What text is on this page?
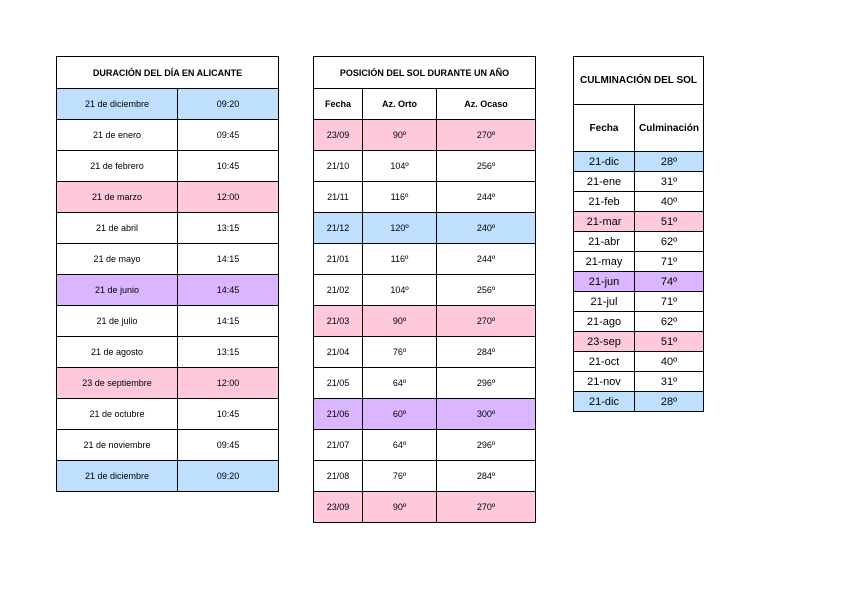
DURACIÓN DEL DÍA EN ALICANTE	
21 de diciembre	09:20
21 de enero	09:45
21 de febrero	10:45
21 de marzo	12:00
21 de abril	13:15
21 de mayo	14:15
21 de junio	14:45
21 de julio	14:15
21 de agosto	13:15
23 de septiembre	12:00
21 de octubre	10:45
21 de noviembre	09:45
21 de diciembre	09:20
POSICIÓN DEL SOL DURANTE UN AÑO		
Fecha	Az. Orto	Az. Ocaso
23/09	90º	270º
21/10	104º	256º
21/11	116º	244º
21/12	120º	240º
21/01	116º	244º
21/02	104º	256º
21/03	90º	270º
21/04	76º	284º
21/05	64º	296º
21/06	60º	300º
21/07	64º	296º
21/08	76º	284º
23/09	90º	270º
CULMINACIÓN DEL SOL	
Fecha	Culminación
21-dic	28º
21-ene	31º
21-feb	40º
21-mar	51º
21-abr	62º
21-may	71º
21-jun	74º
21-jul	71º
21-ago	62º
23-sep	51º
21-oct	40º
21-nov	31º
21-dic	28º
